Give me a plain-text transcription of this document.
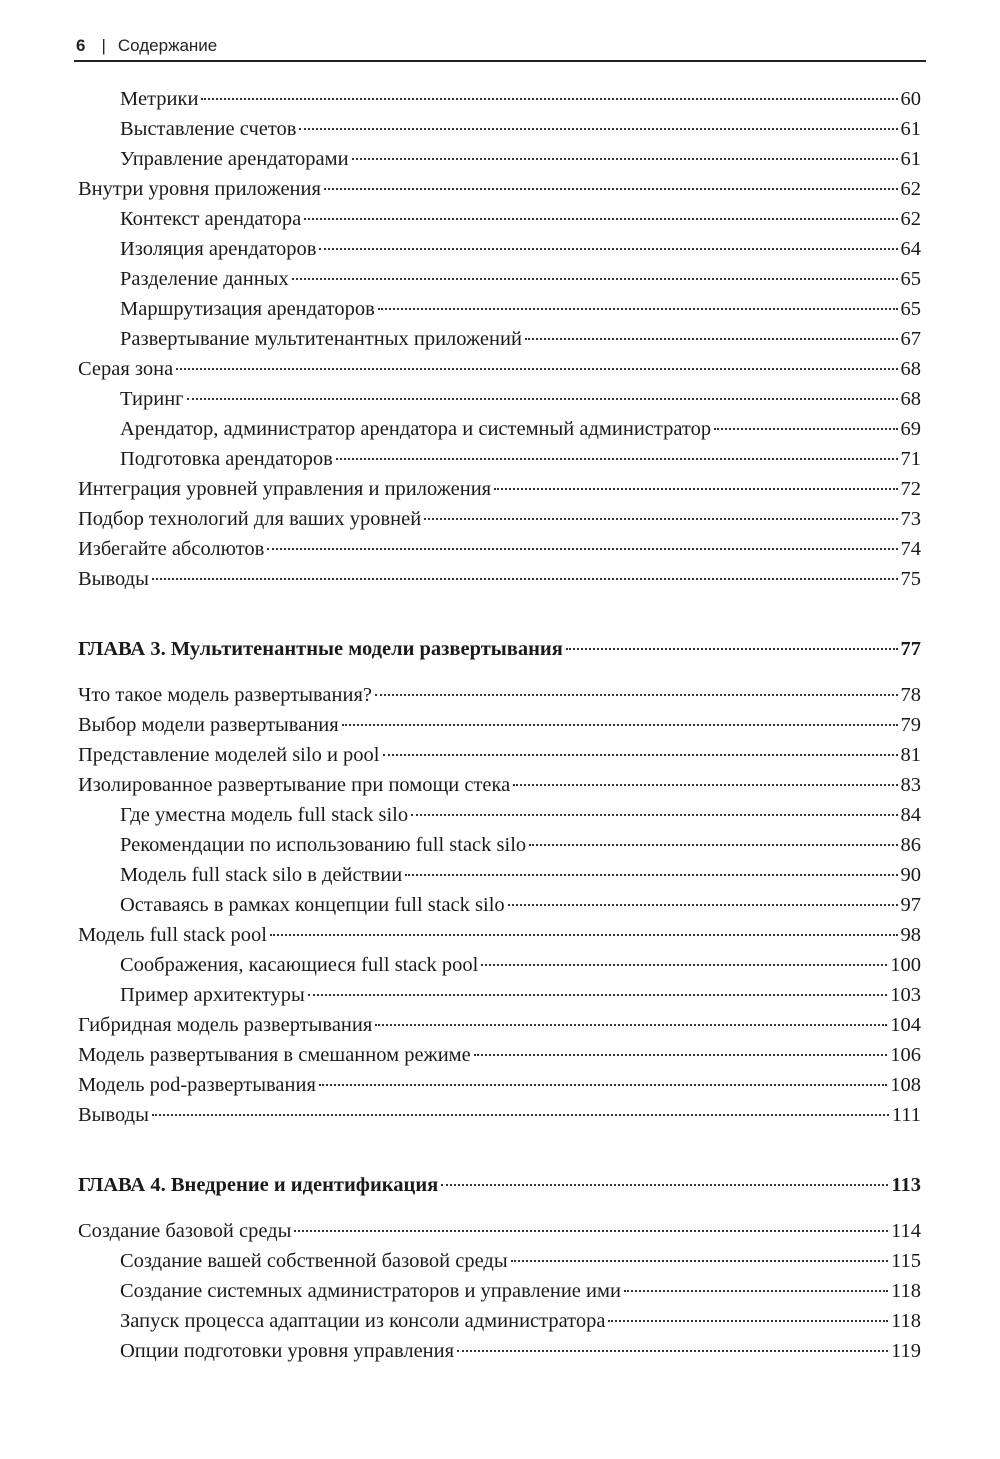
6 | Содержание
Метрики	60
Выставление счетов	61
Управление арендаторами	61
Внутри уровня приложения	62
Контекст арендатора	62
Изоляция арендаторов	64
Разделение данных	65
Маршрутизация арендаторов	65
Развертывание мультитенантных приложений	67
Серая зона	68
Тиринг	68
Арендатор, администратор арендатора и системный администратор	69
Подготовка арендаторов	71
Интеграция уровней управления и приложения	72
Подбор технологий для ваших уровней	73
Избегайте абсолютов	74
Выводы	75
ГЛАВА 3. Мультитенантные модели развертывания	77
Что такое модель развертывания?	78
Выбор модели развертывания	79
Представление моделей silo и pool	81
Изолированное развертывание при помощи стека	83
Где уместна модель full stack silo	84
Рекомендации по использованию full stack silo	86
Модель full stack silo в действии	90
Оставаясь в рамках концепции full stack silo	97
Модель full stack pool	98
Соображения, касающиеся full stack pool	100
Пример архитектуры	103
Гибридная модель развертывания	104
Модель развертывания в смешанном режиме	106
Модель pod-развертывания	108
Выводы	111
ГЛАВА 4. Внедрение и идентификация	113
Создание базовой среды	114
Создание вашей собственной базовой среды	115
Создание системных администраторов и управление ими	118
Запуск процесса адаптации из консоли администратора	118
Опции подготовки уровня управления	119
